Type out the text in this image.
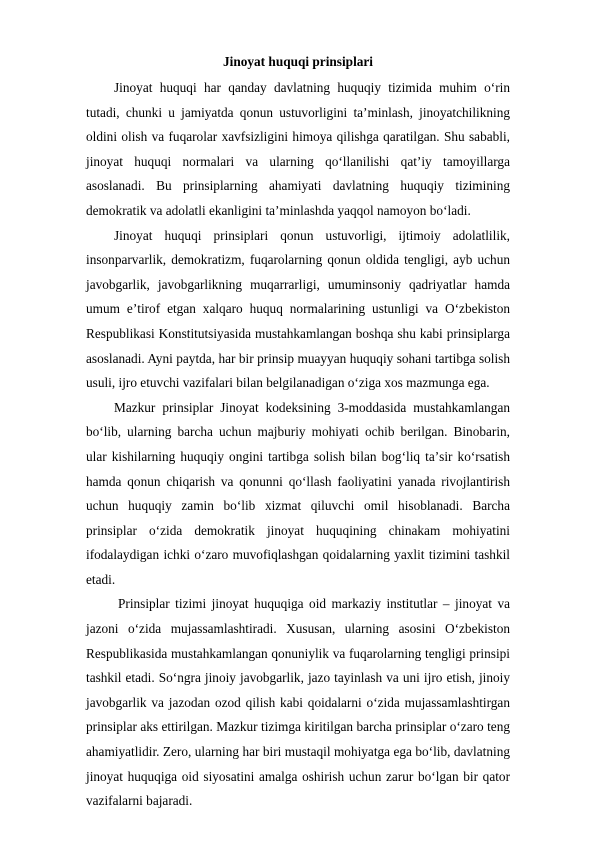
Jinoyat huquqi prinsiplari

Jinoyat huquqi har qanday davlatning huquqiy tizimida muhim oʻrin tutadi, chunki u jamiyatda qonun ustuvorligini taʼminlash, jinoyatchilikning oldini olish va fuqarolar xavfsizligini himoya qilishga qaratilgan. Shu sababli, jinoyat huquqi normalari va ularning qoʻllanilishi qatʼiy tamoyillarga asoslanadi. Bu prinsiplarning ahamiyati davlatning huquqiy tizimining demokratik va adolatli ekanligini taʼminlashda yaqqol namoyon boʻladi.

Jinoyat huquqi prinsiplari qonun ustuvorligi, ijtimoiy adolatlilik, insonparvarlik, demokratizm, fuqarolarning qonun oldida tengligi, ayb uchun javobgarlik, javobgarlikning muqarrarligi, umuminsoniy qadriyatlar hamda umum eʼtirof etgan xalqaro huquq normalarining ustunligi va Oʻzbekiston Respublikasi Konstitutsiyasida mustahkamlangan boshqa shu kabi prinsiplarga asoslanadi. Ayni paytda, har bir prinsip muayyan huquqiy sohani tartibga solish usuli, ijro etuvchi vazifalari bilan belgilanadigan oʻziga xos mazmunga ega.

Mazkur prinsiplar Jinoyat kodeksining 3-moddasida mustahkamlangan boʻlib, ularning barcha uchun majburiy mohiyati ochib berilgan. Binobarin, ular kishilarning huquqiy ongini tartibga solish bilan bogʻliq taʼsir koʻrsatish hamda qonun chiqarish va qonunni qoʻllash faoliyatini yanada rivojlantirish uchun huquqiy zamin boʻlib xizmat qiluvchi omil hisoblanadi. Barcha prinsiplar oʻzida demokratik jinoyat huquqining chinakam mohiyatini ifodalaydigan ichki oʻzaro muvofiqlashgan qoidalarning yaxlit tizimini tashkil etadi.

Prinsiplar tizimi jinoyat huquqiga oid markaziy institutlar – jinoyat va jazoni oʻzida mujassamlashtiradi. Xususan, ularning asosini Oʻzbekiston Respublikasida mustahkamlangan qonuniylik va fuqarolarning tengligi prinsipi tashkil etadi. Soʻngra jinoiy javobgarlik, jazo tayinlash va uni ijro etish, jinoiy javobgarlik va jazodan ozod qilish kabi qoidalarni oʻzida mujassamlashtirgan prinsiplar aks ettirilgan. Mazkur tizimga kiritilgan barcha prinsiplar oʻzaro teng ahamiyatlidir. Zero, ularning har biri mustaqil mohiyatga ega boʻlib, davlatning jinoyat huquqiga oid siyosatini amalga oshirish uchun zarur boʻlgan bir qator vazifalarni bajaradi.
